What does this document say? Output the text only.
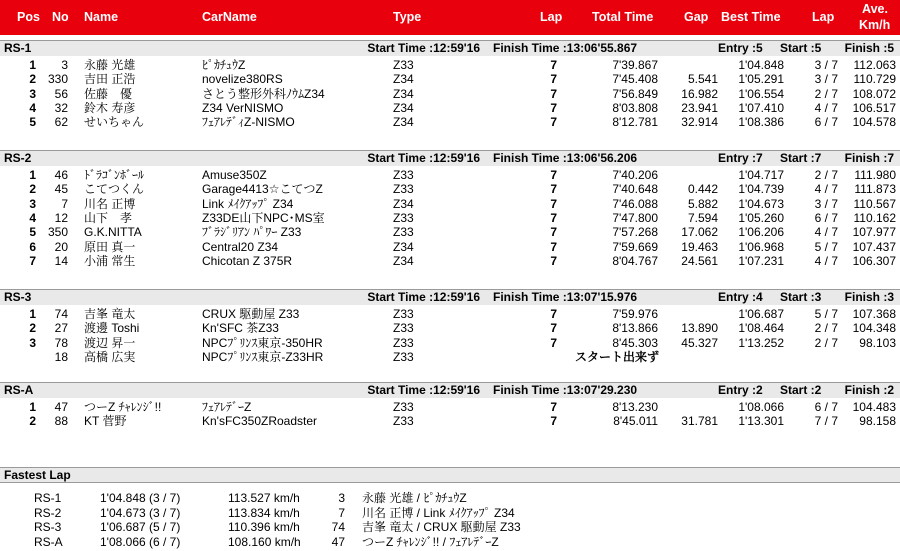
Pos No Name	CarName	Type	Lap Total Time Gap Best Time	Lap
Ave.
Km/h
RS-1	Start Time :12:59'16 Finish Time :13:06'55.867	Entry :5 Start :5 Finish :5
1 3 永藤 光雄	ﾋﾟｶﾁｭｳZ	Z33	7	7'39.867	1'04.848	3 / 7 112.063
2 330 吉田 正浩	novelize380RS	Z34	7	7'45.408 5.541 1'05.291	3 / 7 110.729
3 56 佐藤　優	さとう整形外科ﾉｳﾑZ34	Z34	7	7'56.849 16.982 1'06.554	2 / 7 108.072
4 32 鈴木 寿彦	Z34 VerNISMO	Z34	7	8'03.808 23.941 1'07.410	4 / 7 106.517
5 62 せいちゃん	ﾌｪｱﾚﾃﾞｨZ-NISMO	Z34	7	8'12.781 32.914 1'08.386	6 / 7 104.578
RS-2	Start Time :12:59'16 Finish Time :13:06'56.206	Entry :7 Start :7 Finish :7
1 46 ﾄﾞﾗｺﾞﾝﾎﾞｰﾙ	Amuse350Z	Z33	7	7'40.206	1'04.717	2 / 7 111.980
2 45 こてつくん	Garage4413☆こてつZ	Z33	7	7'40.648 0.442 1'04.739	4 / 7 111.873
3 7 川名 正博	Link ﾒｲｸｱｯﾌﾟ Z34	Z34	7	7'46.088 5.882 1'04.673	3 / 7 110.567
4 12 山下　孝	Z33DE山下NPC･MS室	Z33	7	7'47.800 7.594 1'05.260	6 / 7 110.162
5 350 G.K.NITTA	ﾌﾞﾗｼﾞﾘｱﾝ ﾊﾟﾜｰ Z33	Z33	7	7'57.268 17.062 1'06.206	4 / 7 107.977
6 20 原田 真一	Central20 Z34	Z34	7	7'59.669 19.463 1'06.968	5 / 7 107.437
7 14 小浦 常生	Chicotan Z 375R	Z34	7	8'04.767 24.561 1'07.231	4 / 7 106.307
RS-3	Start Time :12:59'16 Finish Time :13:07'15.976	Entry :4 Start :3 Finish :3
1 74 吉峯 竜太	CRUX 駆動屋 Z33	Z33	7	7'59.976	1'06.687	5 / 7 107.368
2 27 渡邊 Toshi	Kn'SFC 茶Z33	Z33	7	8'13.866 13.890 1'08.464	2 / 7 104.348
3 78 渡辺 昇一	NPCﾌﾟﾘﾝｽ東京-350HR	Z33	7	8'45.303 45.327 1'13.252	2 / 7 98.103
18 高橋 広実	NPCﾌﾟﾘﾝｽ東京-Z33HR	Z33	スタート出来ず
RS-A	Start Time :12:59'16 Finish Time :13:07'29.230	Entry :2 Start :2 Finish :2
1 47 つーZ ﾁｬﾚﾝｼﾞ!!	ﾌｪｱﾚﾃﾞｰZ	Z33	7	8'13.230	1'08.066	6 / 7 104.483
2 88 KT 菅野	Kn'sFC350ZRoadster	Z33	7	8'45.011 31.781 1'13.301	7 / 7 98.158
Fastest Lap
RS-1	1'04.848 (3 / 7)	113.527 km/h	3 永藤 光雄 / ﾋﾟｶﾁｭｳZ
RS-2	1'04.673 (3 / 7)	113.834 km/h	7 川名 正博 / Link ﾒｲｸｱｯﾌﾟ Z34
RS-3	1'06.687 (5 / 7)	110.396 km/h	74 吉峯 竜太 / CRUX 駆動屋 Z33
RS-A	1'08.066 (6 / 7)	108.160 km/h	47 つーZ ﾁｬﾚﾝｼﾞ!! / ﾌｪｱﾚﾃﾞｰZ
